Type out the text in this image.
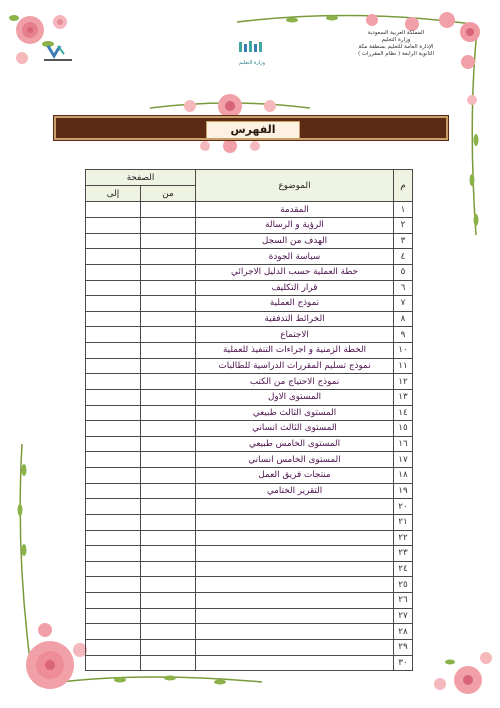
المملكة العربية السعودية
وزارة التعليم
الإدارة العامة للتعليم بمنطقة مكة
الثانوية الرابعة ( نظام المقررات )
وزارة التعليم
الفهرس
م	الموضوع	الصفحة	
		من	إلى
١	المقدمة		
٢	الرؤية و الرسالة		
٣	الهدف من السجل		
٤	سياسة الجودة		
٥	خطة العملية حسب الدليل الاجرائي		
٦	قرار التكليف		
٧	نموذج العملية		
٨	الخرائط التدفقية		
٩	الاجتماع		
١٠	الخطة الزمنية و اجراءات التنفيذ للعملية		
١١	نموذج تسليم المقررات الدراسية للطالبات		
١٢	نموذج الاحتياج من الكتب		
١٣	المستوى الاول		
١٤	المستوى الثالث طبيعي		
١٥	المستوى الثالث انساني		
١٦	المستوى الخامس طبيعي		
١٧	المستوى الخامس انساني		
١٨	منتجات فريق العمل		
١٩	التقرير الختامي		
٢٠			
٢١			
٢٢			
٢٣			
٢٤			
٢٥			
٢٦			
٢٧			
٢٨			
٢٩			
٣٠			
